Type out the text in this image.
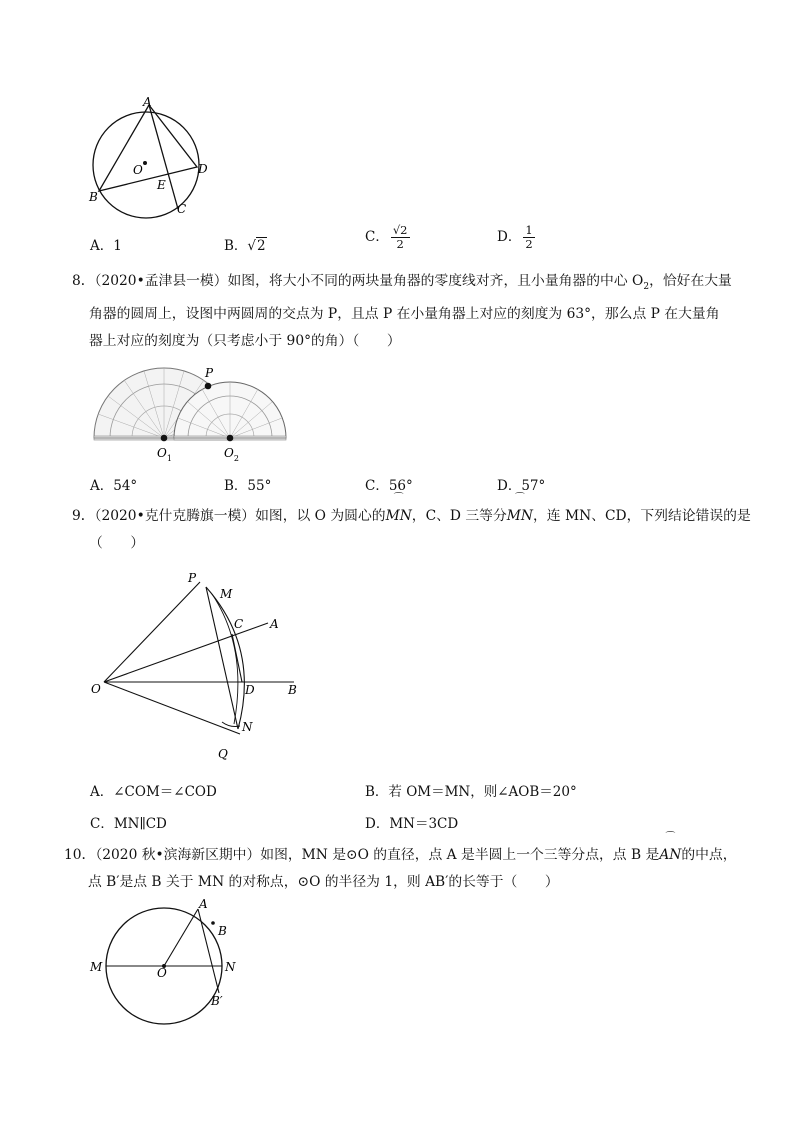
A
O	D
E
B
C
A．1	B．√2
C． $\frac{√2}{2}$	D． $\frac{1}{2}$
8．（2020•孟津县一模）如图，将大小不同的两块量角器的零度线对齐，且小量角器的中心 $O_2$，恰好在大量
角器的圆周上，设图中两圆周的交点为 P，且点 P 在小量角器上对应的刻度为 63°，那么点 P 在大量角
器上对应的刻度为（只考虑小于 90°的角）（　　）
P
$O_1$	$O_2$
A．54°	B．55°	C．56°	D．57°
9．（2020•克什克腾旗一模）如图，以 O 为圆心的⌒ MN，C、D 三等分⌒ MN，连 MN、CD，下列结论错误的是
（　　）
P
M
C A
O	D	B
N
Q
A．∠COM＝∠COD	B．若 OM＝MN，则∠AOB＝20°
C．MN∥CD	D．MN＝3CD
10．（2020 秋•滨海新区期中）如图，MN 是⊙O 的直径，点 A 是半圆上一个三等分点，点 B 是⌒ AN的中点，
点 B′是点 B 关于 MN 的对称点，⊙O 的半径为 1，则 AB′的长等于（　　）
A
B
M	O	N
B′
